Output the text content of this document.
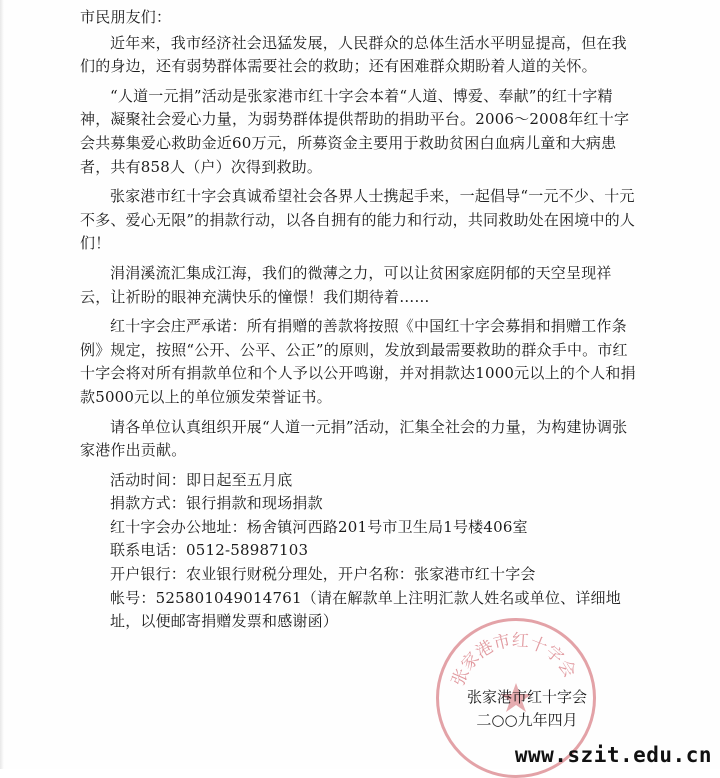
市民朋友们：

近年来，我市经济社会迅猛发展，人民群众的总体生活水平明显提高，但在我们的身边，还有弱势群体需要社会的救助；还有困难群众期盼着人道的关怀。

“人道一元捐”活动是张家港市红十字会本着“人道、博爱、奉献”的红十字精神，凝聚社会爱心力量，为弱势群体提供帮助的捐助平台。2006～2008年红十字会共募集爱心救助金近60万元，所募资金主要用于救助贫困白血病儿童和大病患者，共有858人（户）次得到救助。

张家港市红十字会真诚希望社会各界人士携起手来，一起倡导“一元不少、十元不多、爱心无限”的捐款行动，以各自拥有的能力和行动，共同救助处在困境中的人们！

涓涓溪流汇集成江海，我们的微薄之力，可以让贫困家庭阴郁的天空呈现祥云，让祈盼的眼神充满快乐的憧憬！我们期待着……

红十字会庄严承诺：所有捐赠的善款将按照《中国红十字会募捐和捐赠工作条例》规定，按照“公开、公平、公正”的原则，发放到最需要救助的群众手中。市红十字会将对所有捐款单位和个人予以公开鸣谢，并对捐款达1000元以上的个人和捐款5000元以上的单位颁发荣誉证书。

请各单位认真组织开展“人道一元捐”活动，汇集全社会的力量，为构建协调张家港作出贡献。

活动时间：即日起至五月底
捐款方式：银行捐款和现场捐款
红十字会办公地址：杨舍镇河西路201号市卫生局1号楼406室
联系电话：0512-58987103
开户银行：农业银行财税分理处，开户名称：张家港市红十字会
帐号：525801049014761（请在解款单上注明汇款人姓名或单位、详细地址，以便邮寄捐赠发票和感谢函）
张家港市红十字会
张家港市红十字会
二○○九年四月
www.szit.edu.cn
